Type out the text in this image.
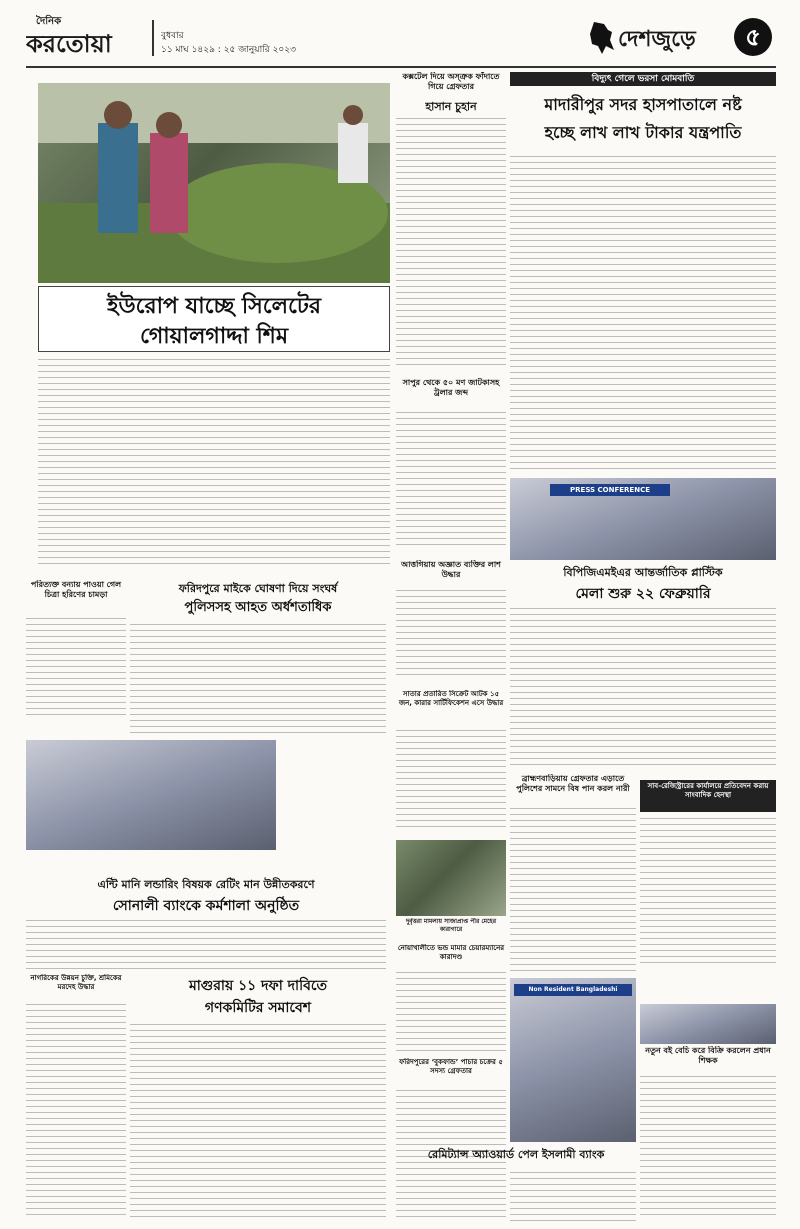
দৈনিক
করতোয়া	বুধবার
১১ মাঘ ১৪২৯ : ২৫ জানুয়ারি ২০২৩	দেশজুড়ে	৫
ইউরোপ যাচ্ছে সিলেটের
গোয়ালগাদ্দা শিম
কক্সটেল দিয়ে অস্ত্রুক ফাঁদাতে গিয়ে গ্রেফতার
হাসান চুহান
বিদ্যুৎ গেলে ভরসা মোমবাতি
মাদারীপুর সদর হাসপাতালে নষ্ট
হচ্ছে লাখ লাখ টাকার যন্ত্রপাতি
সাপুর থেকে ৫০ মণ জাটকাসহ ট্রলার জব্দ
আত্তগিয়ায় অজ্ঞাত ব্যক্তির লাশ উদ্ধার
PRESS CONFERENCE
বিপিজিএমইএর আন্তর্জাতিক প্লাস্টিক
মেলা শুরু ২২ ফেব্রুয়ারি
সাব-রেজিস্ট্রারের কার্যালয়ে প্রতিবেদন করায় সাংবাদিক হেনস্থা
পরিত্যক্ত বন্যায় পাওয়া গেল চিত্রা হরিণের চামড়া	ফরিদপুরে মাইকে ঘোষণা দিয়ে সংঘর্ষ
পুলিসসহ আহত অর্ধশতাধিক
সাতার প্রতারিত সিক্রেট আটক ১৫ জন, কারার সার্টিফিকেশন এসে উদ্ধার
এন্টি মানি লন্ডারিং বিষয়ক রেটিং মান উন্নীতকরণে
সোনালী ব্যাংকে কর্মশালা অনুষ্ঠিত
দুর্বৃত্তরা মামলায় সাজাপ্রাপ্ত পীর মেহের কারাগারে
ব্রাহ্মণবাড়িয়ায় গ্রেফতার এড়াতে পুলিশের সামনে বিষ পান করল নারী
নোয়াখালীতে ভন্ড মামার চেয়ারম্যানের কারাদণ্ড
নতুন বই বেচি করে বিক্রি করলেন প্রধান শিক্ষক
মাগুরায় ১১ দফা দাবিতে
গণকমিটির সমাবেশ
নাগরিকের উন্নয়ন চুক্তি, শ্রমিকের মরদেহ উদ্ধার
ফরিদপুরের ‘বুকফান্ড’ পাচার চক্রের ৫ সদস্য গ্রেফতার
Non Resident Bangladeshi
রেমিট্যান্স অ্যাওয়ার্ড পেল ইসলামী ব্যাংক
